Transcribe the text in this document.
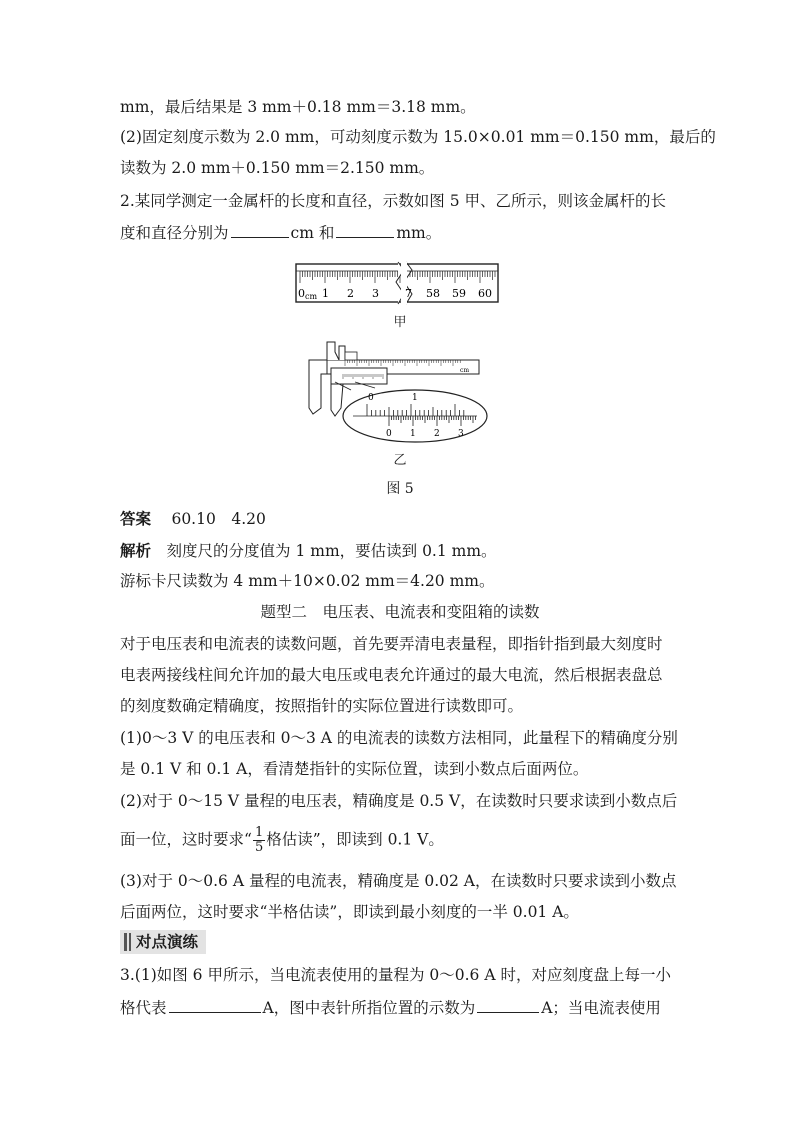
mm，最后结果是 3 mm＋0.18 mm＝3.18 mm。
(2)固定刻度示数为 2.0 mm，可动刻度示数为 15.0×0.01 mm＝0.150 mm，最后的
读数为 2.0 mm＋0.150 mm＝2.150 mm。
2.某同学测定一金属杆的长度和直径，示数如图 5 甲、乙所示，则该金属杆的长
度和直径分别为	cm 和	mm。
0 cm 1 2 3 7 58 59 60
甲
cm
0	1
0 1 2 3
乙
图 5
答案　 60.10　4.20
解析　 刻度尺的分度值为 1 mm，要估读到 0.1 mm。
游标卡尺读数为 4 mm＋10×0.02 mm＝4.20 mm。
题型二　电压表、电流表和变阻箱的读数
对于电压表和电流表的读数问题，首先要弄清电表量程，即指针指到最大刻度时
电表两接线柱间允许加的最大电压或电表允许通过的最大电流，然后根据表盘总
的刻度数确定精确度，按照指针的实际位置进行读数即可。
(1)0～3 V 的电压表和 0～3 A 的电流表的读数方法相同，此量程下的精确度分别
是 0.1 V 和 0.1 A，看清楚指针的实际位置，读到小数点后面两位。
(2)对于 0～15 V 量程的电压表，精确度是 0.5 V，在读数时只要求读到小数点后
面一位，这时要求“ $\frac{1}{5}$ 格估读”，即读到 0.1 V。
(3)对于 0～0.6 A 量程的电流表，精确度是 0.02 A，在读数时只要求读到小数点
后面两位，这时要求“半格估读”，即读到最小刻度的一半 0.01 A。
对点演练
3.(1)如图 6 甲所示，当电流表使用的量程为 0～0.6 A 时，对应刻度盘上每一小
格代表	A，图中表针所指位置的示数为	A；当电流表使用
